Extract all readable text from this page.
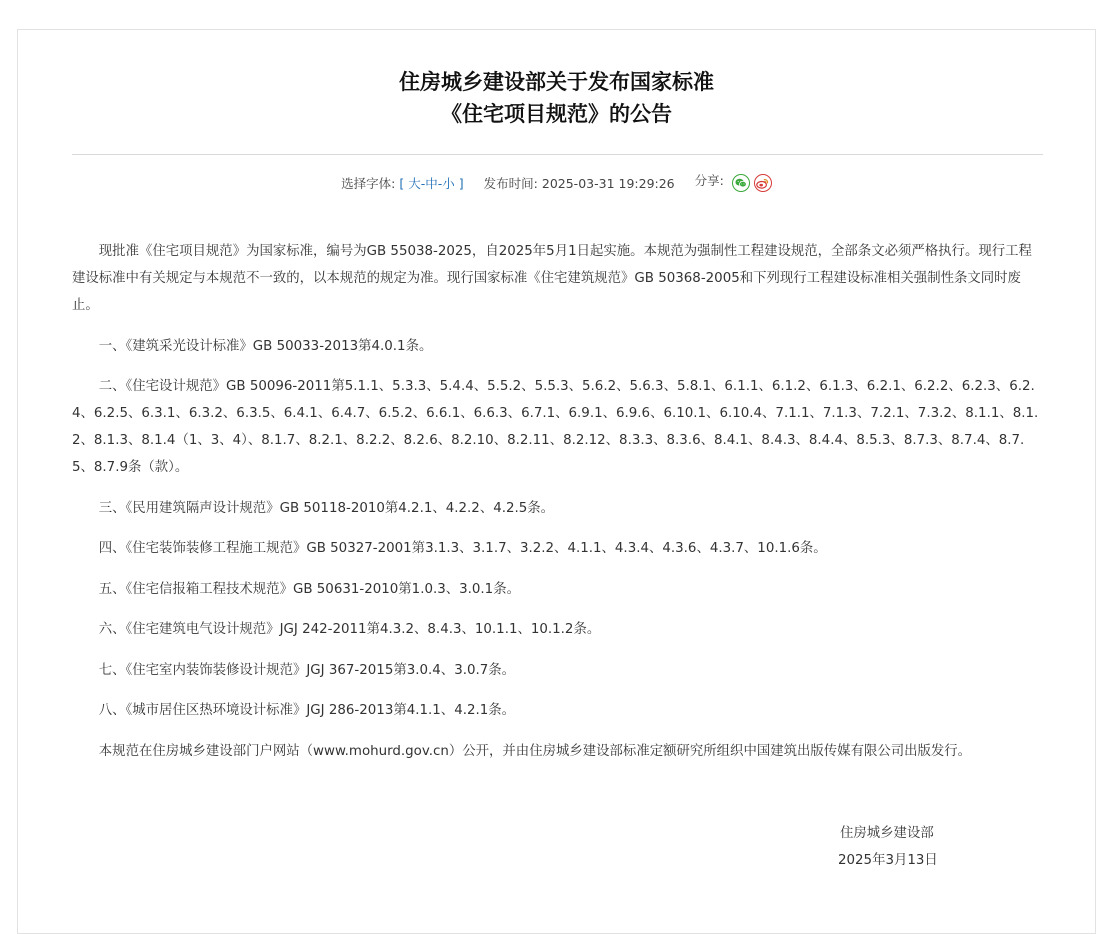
住房城乡建设部关于发布国家标准
《住宅项目规范》的公告
选择字体:
[
大 - 中 - 小
] 发布时间:
2025-03-31 19:29:26 分享:

现批准《住宅项目规范》为国家标准，编号为GB 55038-2025，自2025年5月1日起实施。本规范为强制性工程建设规范，全部条文必须严格执行。现行工程建设标准中有关规定与本规范不一致的，以本规范的规定为准。现行国家标准《住宅建筑规范》GB 50368-2005和下列现行工程建设标准相关强制性条文同时废止。

一、《建筑采光设计标准》GB 50033-2013第4.0.1条。

二、《住宅设计规范》GB 50096-2011第5.1.1、5.3.3、5.4.4、5.5.2、5.5.3、5.6.2、5.6.3、5.8.1、6.1.1、6.1.2、6.1.3、6.2.1、6.2.2、6.2.3、6.2.4、6.2.5、6.3.1、6.3.2、6.3.5、6.4.1、6.4.7、6.5.2、6.6.1、6.6.3、6.7.1、6.9.1、6.9.6、6.10.1、6.10.4、7.1.1、7.1.3、7.2.1、7.3.2、8.1.1、8.1.2、8.1.3、8.1.4（1、3、4）、8.1.7、8.2.1、8.2.2、8.2.6、8.2.10、8.2.11、8.2.12、8.3.3、8.3.6、8.4.1、8.4.3、8.4.4、8.5.3、8.7.3、8.7.4、8.7.5、8.7.9条（款）。

三、《民用建筑隔声设计规范》GB 50118-2010第4.2.1、4.2.2、4.2.5条。

四、《住宅装饰装修工程施工规范》GB 50327-2001第3.1.3、3.1.7、3.2.2、4.1.1、4.3.4、4.3.6、4.3.7、10.1.6条。

五、《住宅信报箱工程技术规范》GB 50631-2010第1.0.3、3.0.1条。

六、《住宅建筑电气设计规范》JGJ 242-2011第4.3.2、8.4.3、10.1.1、10.1.2条。

七、《住宅室内装饰装修设计规范》JGJ 367-2015第3.0.4、3.0.7条。

八、《城市居住区热环境设计标准》JGJ 286-2013第4.1.1、4.2.1条。

本规范在住房城乡建设部门户网站（www.mohurd.gov.cn）公开，并由住房城乡建设部标准定额研究所组织中国建筑出版传媒有限公司出版发行。

住房城乡建设部
2025年3月13日
